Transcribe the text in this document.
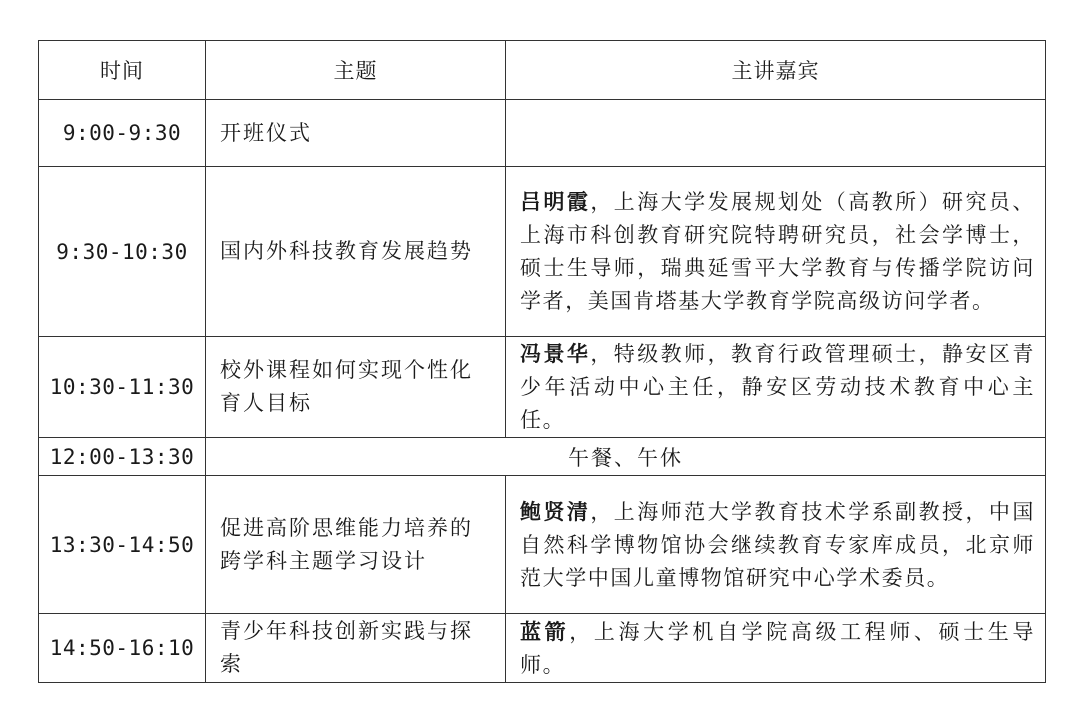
时间	主题	主讲嘉宾
9:00-9:30	开班仪式	
9:30-10:30	国内外科技教育发展趋势	吕明霞，上海大学发展规划处（高教所）研究员、上海市科创教育研究院特聘研究员，社会学博士，硕士生导师，瑞典延雪平大学教育与传播学院访问学者，美国肯塔基大学教育学院高级访问学者。
10:30-11:30	校外课程如何实现个性化育人目标	冯景华，特级教师，教育行政管理硕士，静安区青少年活动中心主任，静安区劳动技术教育中心主任。
12:00-13:30	午餐、午休	
13:30-14:50	促进高阶思维能力培养的跨学科主题学习设计	鲍贤清，上海师范大学教育技术学系副教授，中国自然科学博物馆协会继续教育专家库成员，北京师范大学中国儿童博物馆研究中心学术委员。
14:50-16:10	青少年科技创新实践与探索	蓝箭，上海大学机自学院高级工程师、硕士生导师。
